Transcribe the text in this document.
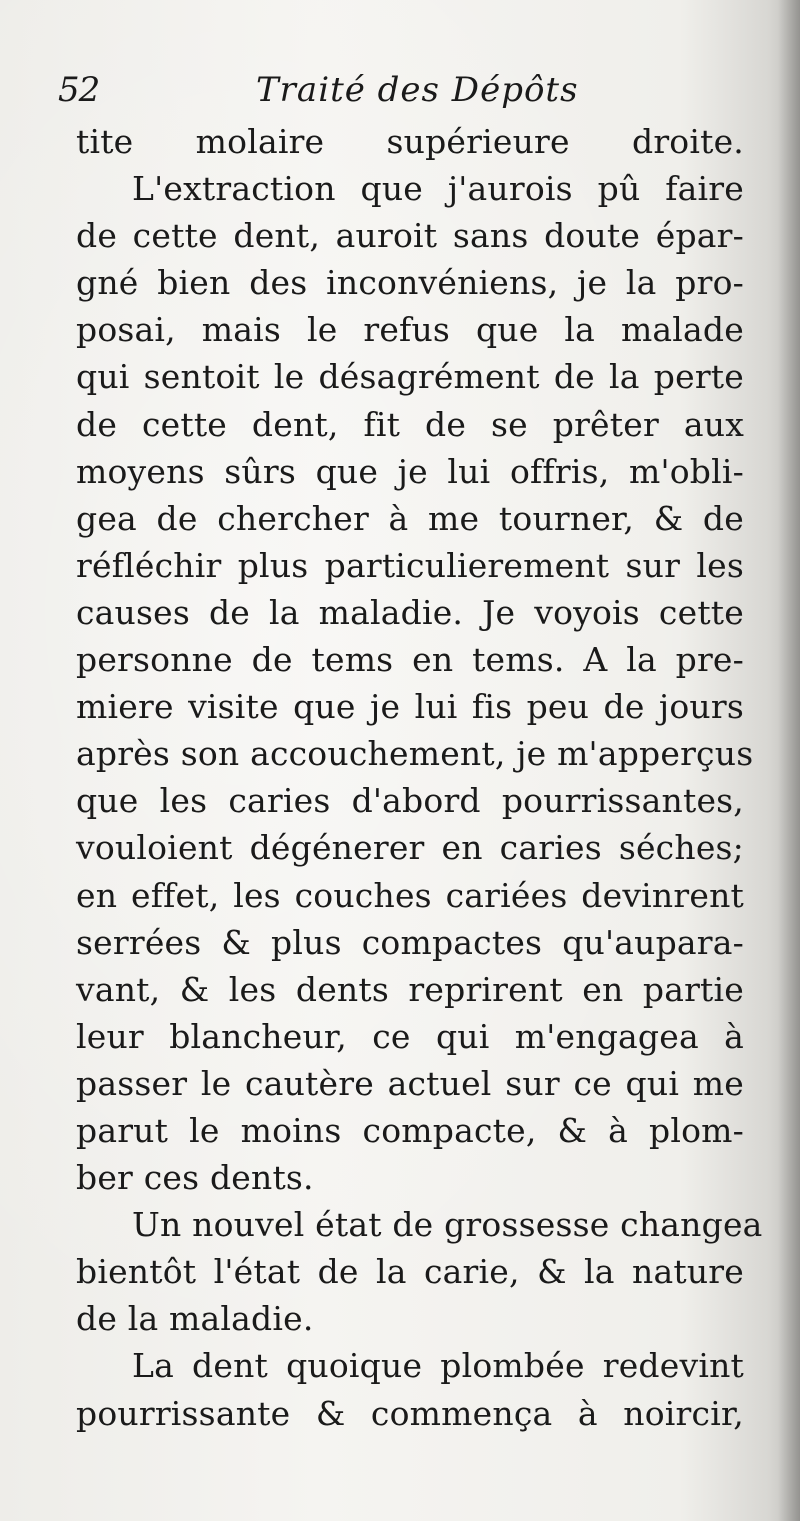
52	Traité des Dépôts
tite molaire supérieure droite.
L'extraction que j'aurois pû faire
de cette dent, auroit sans doute épar-
gné bien des inconvéniens, je la pro-
posai, mais le refus que la malade
qui sentoit le désagrément de la perte
de cette dent, fit de se prêter aux
moyens sûrs que je lui offris, m'obli-
gea de chercher à me tourner, & de
réfléchir plus particulierement sur les
causes de la maladie. Je voyois cette
personne de tems en tems. A la pre-
miere visite que je lui fis peu de jours
après son accouchement, je m'apperçus
que les caries d'abord pourrissantes,
vouloient dégénerer en caries séches;
en effet, les couches cariées devinrent
serrées & plus compactes qu'aupara-
vant, & les dents reprirent en partie
leur blancheur, ce qui m'engagea à
passer le cautère actuel sur ce qui me
parut le moins compacte, & à plom-
ber ces dents.
Un nouvel état de grossesse changea
bientôt l'état de la carie, & la nature
de la maladie.
La dent quoique plombée redevint
pourrissante & commença à noircir,
